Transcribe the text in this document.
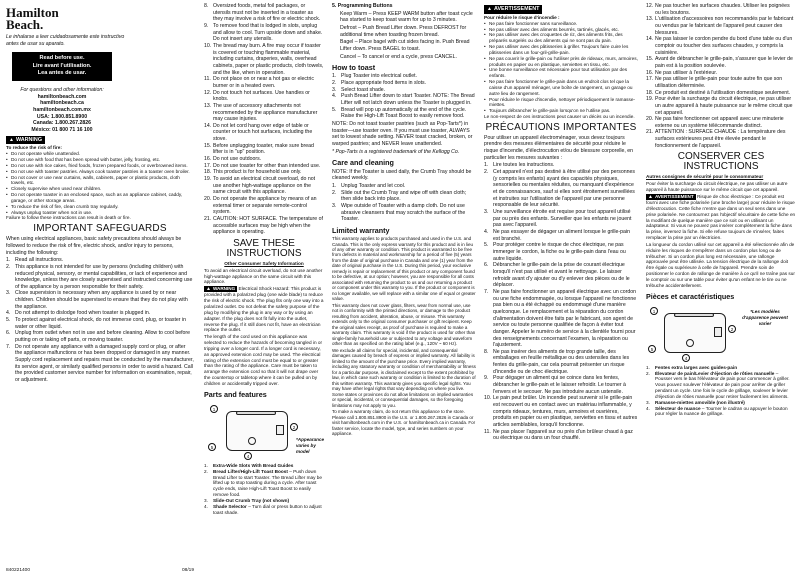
Hamilton
Beach.

Le inhalarse a leer cuidadosamente este instructivo antes de usar su aparato.

Read before use.
Lire avant l'utilisation.
Lea antes de usar.
For questions and other information:
hamiltonbeach.com
hamiltonbeach.ca
hamiltonbeach.com.mx
USA: 1.800.851.8900
Canada: 1.800.267.2826
México: 01 800 71 16 100
▲ WARNING
To reduce the risk of fire:
• Do not operate while unattended.
• Do not use with food that has been spread with butter, jelly, frosting, etc.
• Do not use with rice cakes, fried foods, frozen prepared foods, or overbrowned items.
• Do not use with toaster pastries. Always cook toaster pastries in a toaster oven broiler.
• Do not cover or use near curtains, walls, cabinets, paper or plastic products, cloth towels, etc.
• Closely supervise when used near children.
• Do not operate toaster in an enclosed space, such as an appliance cabinet, caddy, garage, or other storage areas.
• To reduce the risk of fire, clean crumb tray regularly.
• Always unplug toaster when not in use.
Failure to follow these instructions can result in death or fire.
IMPORTANT SAFEGUARDS

When using electrical appliances, basic safety precautions should always be followed to reduce the risk of fire, electric shock, and/or injury to persons, including the following:

1. Read all instructions.
2. This appliance is not intended for use by persons (including children) with reduced physical, sensory, or mental capabilities, or lack of experience and knowledge, unless they are closely supervised and instructed concerning use of the appliance by a person responsible for their safety.
3. Close supervision is necessary when any appliance is used by or near children. Children should be supervised to ensure that they do not play with the appliance.
4. Do not attempt to dislodge food when toaster is plugged in.
5. To protect against electrical shock, do not immerse cord, plug, or toaster in water or other liquid.
6. Unplug from outlet when not in use and before cleaning. Allow to cool before putting on or taking off parts, or moving toaster.
7. Do not operate any appliance with a damaged supply cord or plug, or after the appliance malfunctions or has been dropped or damaged in any manner. Supply cord replacement and repairs must be conducted by the manufacturer, its service agent, or similarly qualified persons in order to avoid a hazard. Call the provided customer service number for information on examination, repair, or adjustment.
840221400	08/19
8. Oversized foods, metal foil packages, or utensils must not be inserted in a toaster as they may involve a risk of fire or electric shock.
9. To remove food that is lodged in slots, unplug and allow to cool. Turn upside down and shake. Do not insert any utensils.
10. The bread may burn. A fire may occur if toaster is covered or touching flammable material, including curtains, draperies, walls, overhead cabinets, paper or plastic products, cloth towels, and the like, when in operation.
11. Do not place on or near a hot gas or electric burner or in a heated oven.
12. Do not touch hot surfaces. Use handles or knobs.
13. The use of accessory attachments not recommended by the appliance manufacturer may cause injuries.
14. Do not let cord hang over edge of table or counter or touch hot surfaces, including the stove.
15. Before unplugging toaster, make sure bread lifter is in "up" position.
16. Do not use outdoors.
17. Do not use toaster for other than intended use.
18. This product is for household use only.
19. To avoid an electrical circuit overload, do not use another high-wattage appliance on the same circuit with this appliance.
20. Do not operate the appliance by means of an external timer or separate remote-control system.
21. CAUTION: HOT SURFACE. The temperature of accessible surfaces may be high when the appliance is operating.
SAVE THESE INSTRUCTIONS
Other Consumer Safety Information

To avoid an electrical circuit overload, do not use another high-wattage appliance on the same circuit with this appliance.

▲ WARNING Electrical Shock Hazard: This product is provided with a polarized plug (one wide blade) to reduce the risk of electric shock. The plug fits only one way into a polarized outlet. Do not defeat the safety purpose of the plug by modifying the plug in any way or by using an adapter. If the plug does not fit fully into the outlet, reverse the plug. If it still does not fit, have an electrician replace the outlet.

The length of the cord used on this appliance was selected to reduce the hazards of becoming tangled in or tripping over a longer cord. If a longer cord is necessary, an approved extension cord may be used. The electrical rating of the extension cord must be equal to or greater than the rating of the appliance. Care must be taken to arrange the extension cord so that it will not drape over the countertop or tabletop where it can be pulled on by children or accidentally tripped over.

Parts and features
1
2
5
4
*Appearance varies by model
1. Extra-Wide Slots With Bread Guides
2. Bread Lifter/High-Lift Toast Boost – Push down Bread Lifter to start Toaster. The Bread Lifter may be lifted up to stop toasting during a cycle. After toast cycle ends, raise High-Lift Toast Boost to easily remove food.
3. Slide-Out Crumb Tray (not shown)
4. Shade Selector – Turn dial or press button to adjust toast shade.
5. Programming Buttons

Keep Warm – Press KEEP WARM button after toast cycle has started to keep toast warm for up to 3 minutes.

Defrost – Push Bread Lifter down. Press DEFROST for additional time when toasting frozen bread.

Bagel – Place bagel with cut sides facing in. Push Bread Lifter down. Press BAGEL to toast.

Cancel – To cancel or end a cycle, press CANCEL.

How to toast
1. Plug Toaster into electrical outlet.
2. Place appropriate food items in slots.
3. Select toast shade.
4. Push Bread Lifter down to start Toaster. NOTE: The Bread Lifter will not latch down unless the Toaster is plugged in.
5. Bread will pop up automatically at the end of the cycle. Raise the High-Lift Toast Boost to easily remove food.

NOTE: Do not toast toaster pastries (such as Pop-Tarts*) in toaster—use toaster oven. If you must use toaster, ALWAYS set to lowest shade setting. NEVER toast cracked, broken, or warped pastries; and NEVER leave unattended.

* Pop-Tarts is a registered trademark of the Kellogg Co.

Care and cleaning

NOTE: If the Toaster is used daily, the Crumb Tray should be cleaned weekly.

1. Unplug Toaster and let cool.
2. Slide out the Crumb Tray and wipe off with clean cloth; then slide back into place.
3. Wipe outside of Toaster with a damp cloth. Do not use abrasive cleansers that may scratch the surface of the Toaster.
Limited warranty

This warranty applies to products purchased and used in the U.S. and Canada. This is the only express warranty for this product and is in lieu of any other warranty or condition. This product is warranted to be free from defects in material and workmanship for a period of five (5) years from the date of original purchase in Canada and one (1) year from the date of original purchase in the U.S. During this period, your exclusive remedy is repair or replacement of this product or any component found to be defective, at our option; however, you are responsible for all costs associated with returning the product to us and our returning a product or component under this warranty to you. If the product or component is no longer available, we will replace with a similar one of equal or greater value.

This warranty does not cover glass, filters, wear from normal use, use not in conformity with the printed directions, or damage to the product resulting from accident, alteration, abuse, or misuse. This warranty extends only to the original consumer purchaser or gift recipient. Keep the original sales receipt, as proof of purchase is required to make a warranty claim. This warranty is void if the product is used for other than single-family household use or subjected to any voltage and waveform other than as specified on the rating label (e.g., 120V ~ 60 Hz).

We exclude all claims for special, incidental, and consequential damages caused by breach of express or implied warranty. All liability is limited to the amount of the purchase price. Every implied warranty, including any statutory warranty or condition of merchantability or fitness for a particular purpose, is disclaimed except to the extent prohibited by law, in which case such warranty or condition is limited to the duration of this written warranty. This warranty gives you specific legal rights. You may have other legal rights that vary depending on where you live. Some states or provinces do not allow limitations on implied warranties or special, incidental, or consequential damages, so the foregoing limitations may not apply to you.

To make a warranty claim, do not return this appliance to the store. Please call 1.800.851.8900 in the U.S. or 1.800.267.2826 in Canada or visit hamiltonbeach.com in the U.S. or hamiltonbeach.ca in Canada. For faster service, locate the model, type, and series numbers on your appliance.

▲ AVERTISSEMENT
Pour réduire le risque d'incendie :
• Ne pas faire fonctionner sans surveillance.
• Ne pas utiliser avec des aliments beurrés, tartinés, glacés, etc.
• Ne pas utiliser avec des croquettes de riz, des aliments frits, des préparés surgelés ou des aliments qui ne sont pas du pain.
• Ne pas utiliser avec des pâtisseries à griller. Toujours faire cuire les pâtisseries dans un four-gril-grille-pain.
• Ne pas couvrir le grille-pain ou l'utiliser près de rideaux, murs, armoires, produits en papier ou en plastique, serviettes en tissu, etc.
• Une bonne surveillance est nécessaire pour tout utilisation par des enfants.
• Ne pas faire fonctionner le grille-pain dans un endroit clos tel que la caisse d'un appareil ménager, une boîte de rangement, un garage ou autre lieu de rangement.
• Pour réduire le risque d'incendie, nettoyer périodiquement le ramasse-miettes.
• Toujours débrancher le grille-pain lorsqu'on ne l'utilise pas.
Le non-respect de ces instructions peut causer un décès ou un incendie.
PRÉCAUTIONS IMPORTANTES

Pour utiliser un appareil électroménager, vous devez toujours prendre des mesures élémentaires de sécurité pour réduire le risque d'incendie, d'électrocution et/ou de blessure corporelle, en particulier les mesures suivantes :

1. Lire toutes les instructions.
2. Cet appareil n'est pas destiné à être utilisé par des personnes (y compris les enfants) ayant des capacités physiques, sensorielles ou mentales réduites, ou manquant d'expérience et de connaissances, sauf si elles sont étroitement surveillées et instruites sur l'utilisation de l'appareil par une personne responsable de leur sécurité.
3. Une surveillance étroite est requise pour tout appareil utilisé par ou près des enfants. Surveiller que les enfants ne jouent pas avec l'appareil.
4. Ne pas essayer de dégager un aliment lorsque le grille-pain est branché.
5. Pour protéger contre le risque de choc électrique, ne pas immerger le cordon, la fiche ou le grille-pain dans l'eau ou autre liquide.
6. Débrancher le grille-pain de la prise de courant électrique lorsqu'il n'est pas utilisé et avant le nettoyage. Le laisser refroidir avant d'y ajouter ou d'y enlever des pièces ou de le déplacer.
7. Ne pas faire fonctionner un appareil électrique avec un cordon ou une fiche endommagée, ou lorsque l'appareil ne fonctionne pas bien ou a été échappé ou endommagé d'une manière quelconque. Le remplacement et la réparation du cordon d'alimentation doivent être faits par le fabricant, son agent de service ou toute personne qualifiée de façon à éviter tout danger. Appeler le numéro de service à la clientèle fourni pour des renseignements concernant l'examen, la réparation ou l'ajustement.
8. Ne pas insérer des aliments de trop grande taille, des emballages en feuille métallique ou des ustensiles dans les fentes du grille-pain, car cela pourrait présenter un risque d'incendie ou de choc électrique.
9. Pour dégager un aliment qui se coince dans les fentes, débrancher le grille-pain et le laisser refroidir. Le tourner à l'envers et le secouer. Ne pas introduire aucun ustensile.
10. Le pain peut brûler. Un incendie peut survenir si le grille-pain est recouvert ou en contact avec un matériau inflammable, y compris rideaux, tentures, murs, armoires et ouvrières, produits en papier ou en plastique, serviettes en tissu et autres articles semblables, lorsqu'il fonctionne.
11. Ne pas placer l'appareil sur ou près d'un brûleur chaud à gaz ou électrique ou dans un four chauffé.
12. Ne pas toucher les surfaces chaudes. Utiliser les poignées ou les boutons.
13. L'utilisation d'accessoires non recommandés par le fabricant ou vendus par le fabricant de l'appareil peut causer des blessures.
14. Ne pas laisser le cordon pendre du bord d'une table ou d'un comptoir ou toucher des surfaces chaudes, y compris la cuisinière.
15. Avant de débrancher le grille-pain, s'assurer que le levier de pain est à la position soulevée.
16. Ne pas utiliser à l'extérieur.
17. Ne pas utiliser le grille-pain pour toute autre fin que son utilisation déterminée.
18. Ce produit est destiné à l'utilisation domestique seulement.
19. Pour éviter la surcharge du circuit électrique, ne pas utiliser un autre appareil à haute puissance sur le même circuit que cet appareil.
20. Ne pas faire fonctionner cet appareil avec une minuterie externe ou un système télécommande distinct.
21. ATTENTION : SURFACE CHAUDE : La température des surfaces extérieures peut être élevée pendant le fonctionnement de l'appareil.
CONSERVER CES INSTRUCTIONS
Autres consignes de sécurité pour le consommateur

Pour éviter la surcharge du circuit électrique, ne pas utiliser un autre appareil à haute puissance sur le même circuit que cet appareil.

▲ AVERTISSEMENT Risque de choc électrique : Ce produit est fourni avec une fiche polarisée (une broche large) pour réduire le risque d'électrocution. Cette fiche n'entre que dans un seul sens dans une prise polarisée. Ne contournez pas l'objectif sécuritaire de cette fiche en la modifiant de quelque manière que ce soit ou en utilisant un adaptateur. Si vous ne pouvez pas insérer complètement la fiche dans la prise, inversez la fiche. Si elle refuse toujours de s'insérer, faites remplacer la prise par un électricien.

La longueur du cordon utilisé sur cet appareil a été sélectionnée afin de réduire les risques de s'empêtrer dans un cordon plus long ou de trébucher. Si un cordon plus long est nécessaire, une rallonge approuvée peut être utilisée. La tension électrique de la rallonge doit être égale ou supérieure à celle de l'appareil. Prendre soin de positionner le cordon de rallonge de manière à ce qu'il ne traîne pas sur le comptoir ou sur une table pour éviter qu'un enfant ne le tire ou ne trébuche accidentellement.

Pièces et caractéristiques
1
2
5
4
*Les modèles d'apparence peuvent varier
1. Fentes extra larges avec guides-pain
2. Élevateur de pain/Levier d'éjection de rôties manuelle – Pousser vers le bas l'élévateur de pain pour commencer à griller. Vous pouvez soulever l'élévateur de pain pour arrêter de griller pendant un cycle. Une fois le cycle de grillage, soulever le levier d'éjection de rôties manuelle pour retirer facilement les aliments.
3. Ramasse-miettes amovible (non illustré)
4. Sélecteur de nuance – Tourner le cadran ou appuyer le bouton pour régler la nuance de grillage.
